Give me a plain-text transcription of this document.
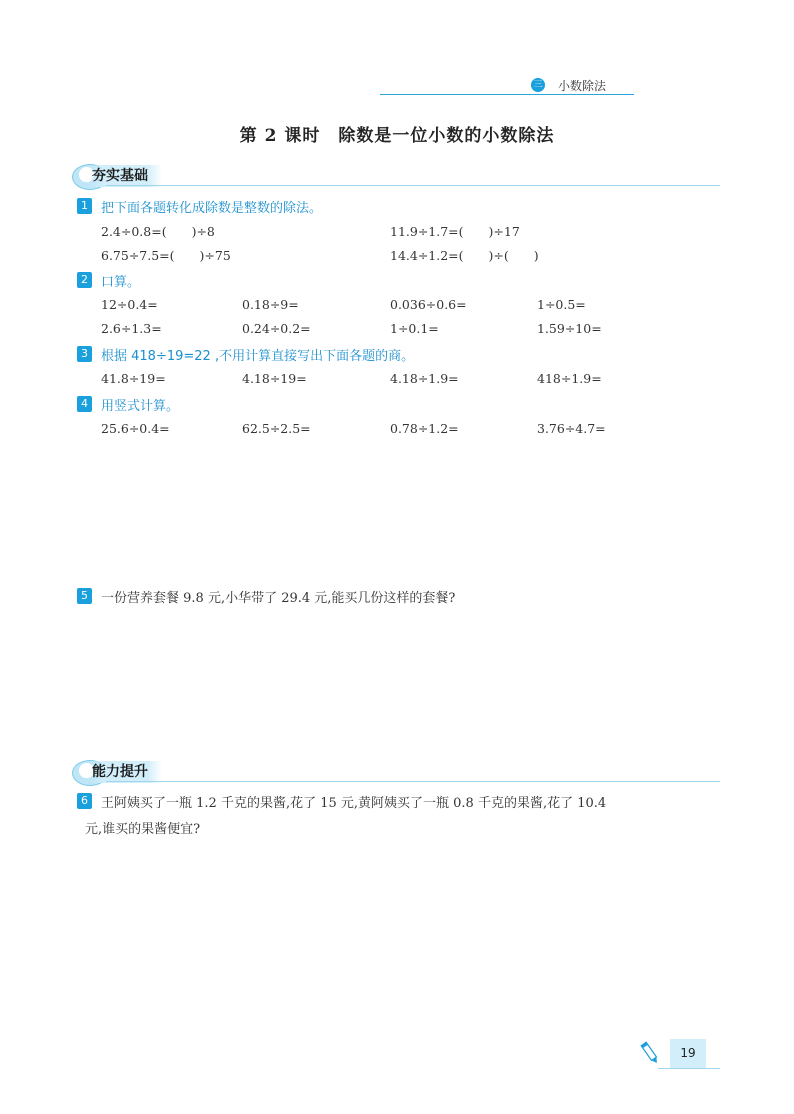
三 小数除法
第 2 课时　除数是一位小数的小数除法
夯实基础
1	把下面各题转化成除数是整数的除法。
2.4÷0.8=(　　)÷8	11.9÷1.7=(　　)÷17
6.75÷7.5=(　　)÷75	14.4÷1.2=(　　)÷(　　)
2	口算。
12÷0.4=	0.18÷9=	0.036÷0.6=	1÷0.5=
2.6÷1.3=	0.24÷0.2=	1÷0.1=	1.59÷10=
3	根据 418÷19=22 ,不用计算直接写出下面各题的商。
41.8÷19=	4.18÷19=	4.18÷1.9=	418÷1.9=
4	用竖式计算。
25.6÷0.4=	62.5÷2.5=	0.78÷1.2=	3.76÷4.7=
5	一份营养套餐 9.8 元,小华带了 29.4 元,能买几份这样的套餐?
能力提升
6	王阿姨买了一瓶 1.2 千克的果酱,花了 15 元,黄阿姨买了一瓶 0.8 千克的果酱,花了 10.4
元,谁买的果酱便宜?
19
